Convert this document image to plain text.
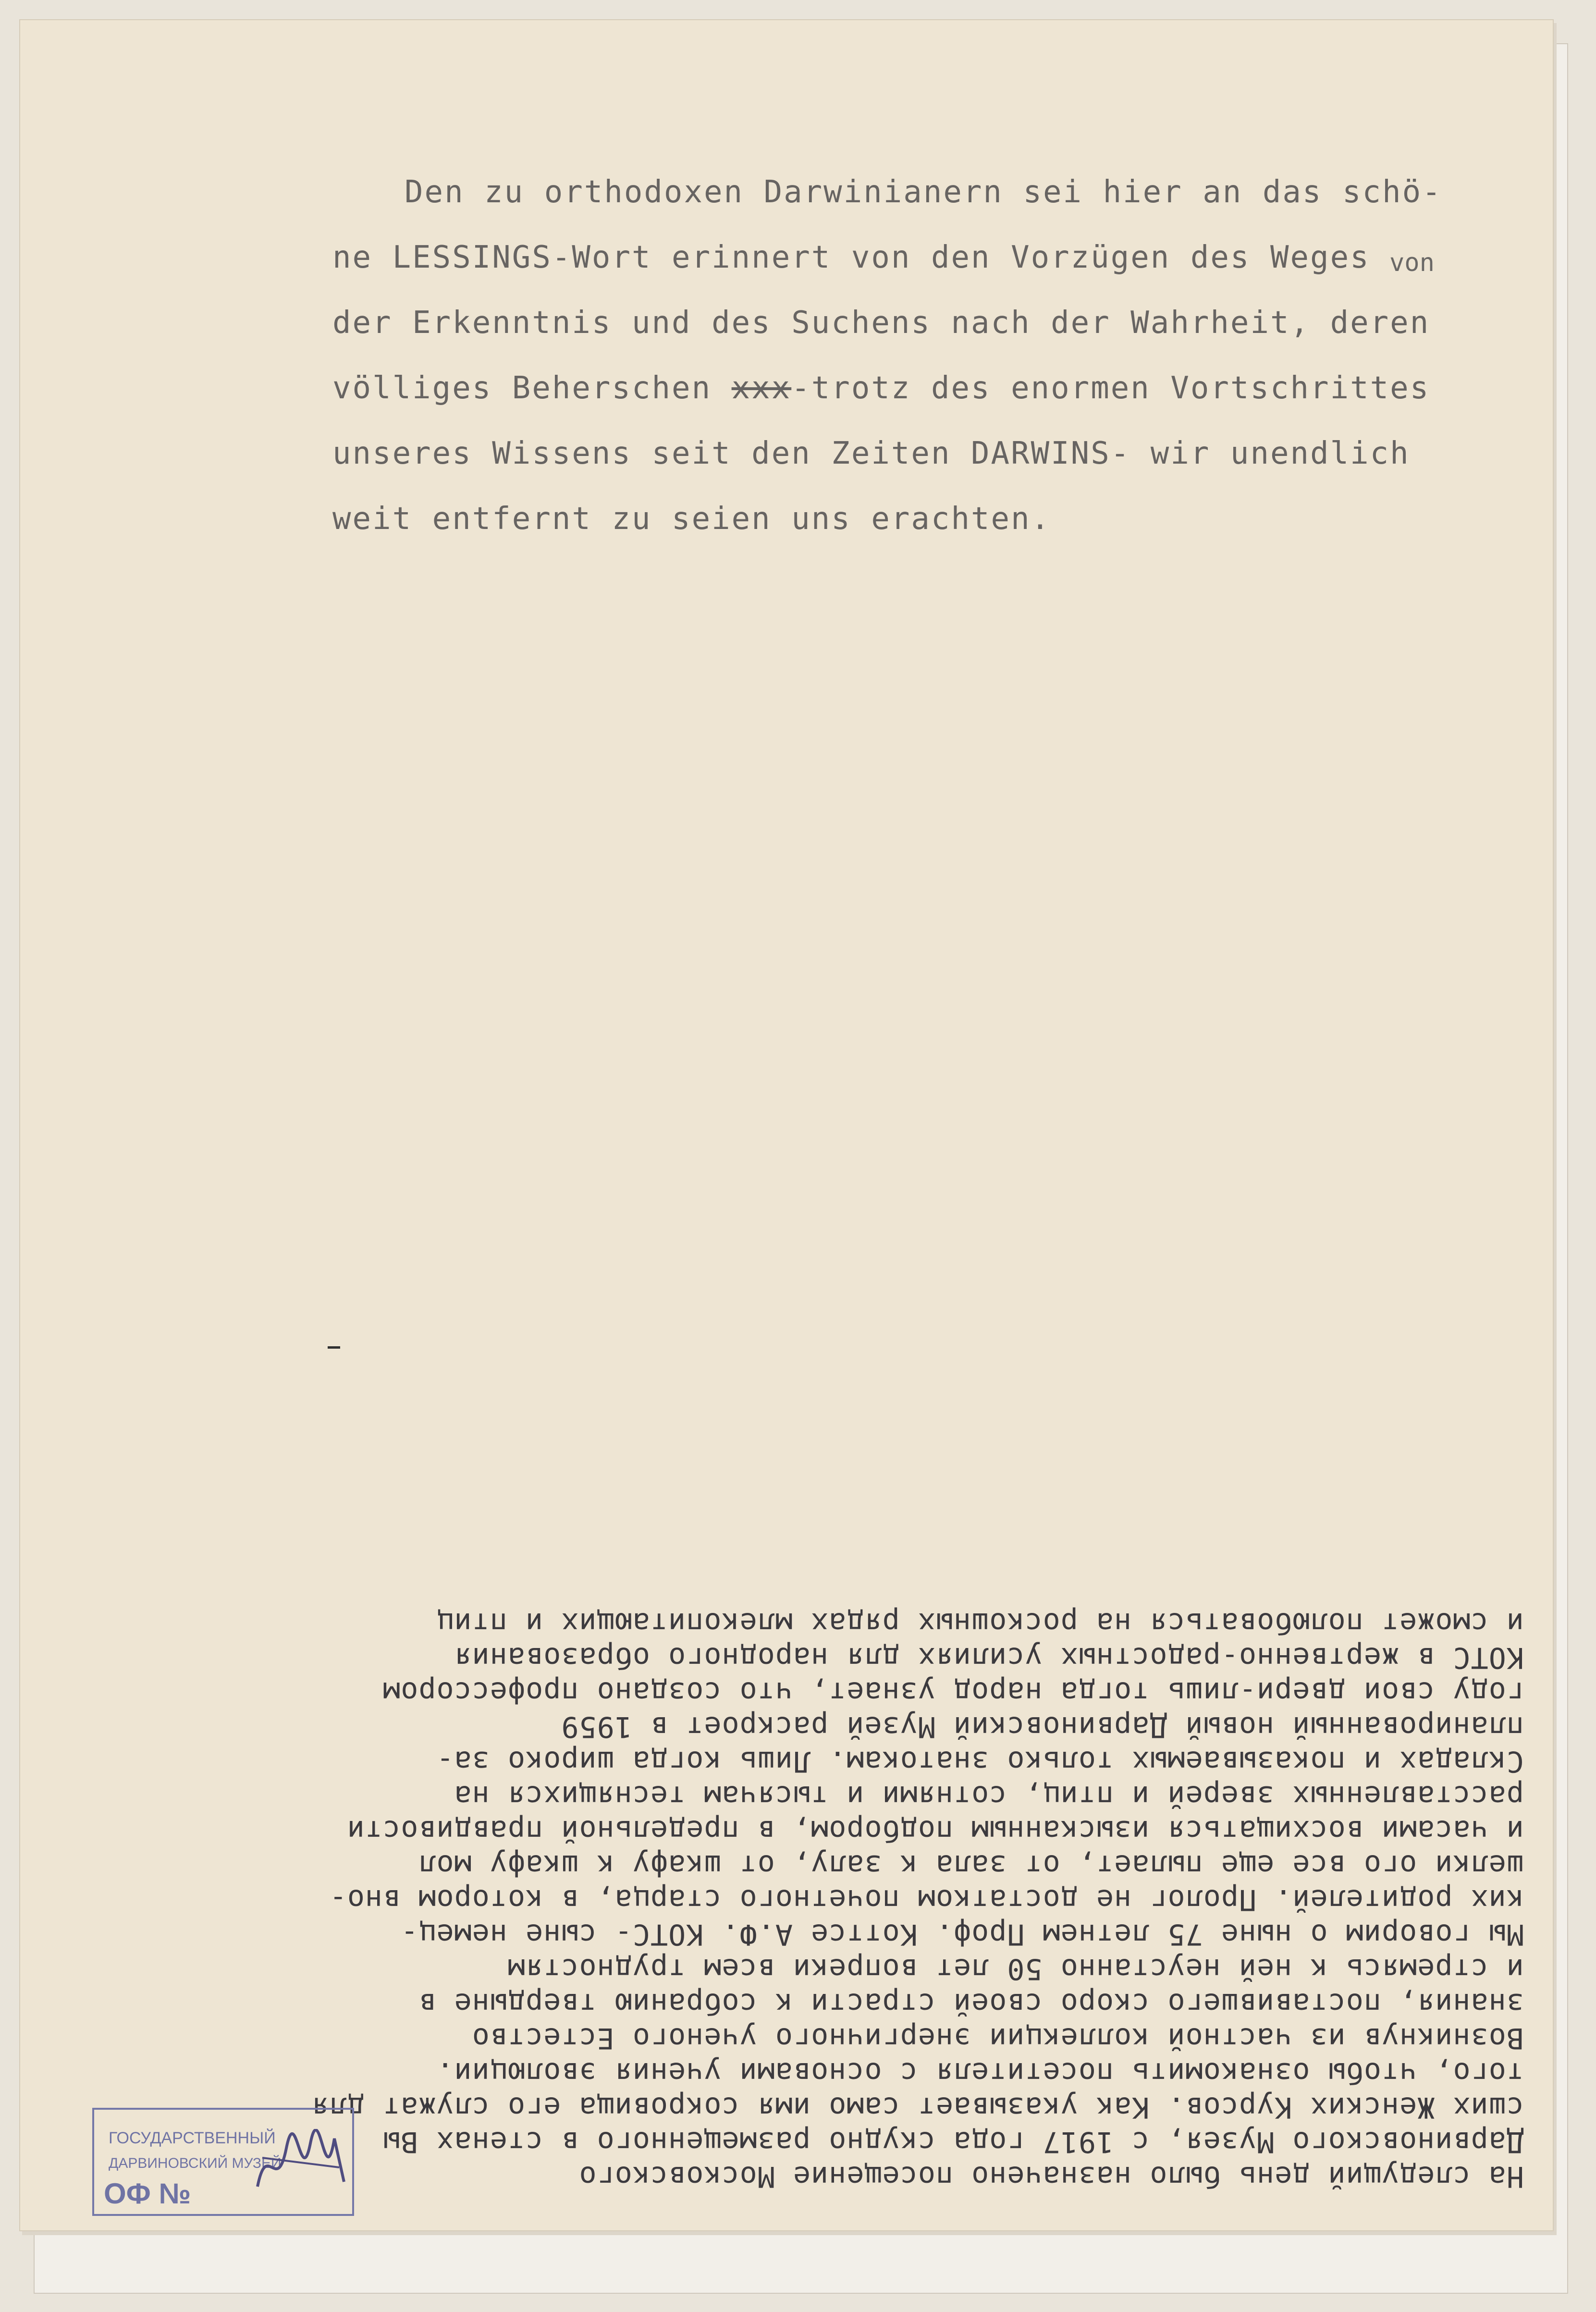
Den zu orthodoxen Darwinianern sei hier an das schö-
ne LESSINGS-Wort erinnert von den Vorzügen des Weges
der Erkenntnis und des Suchens nach der Wahrheit, deren
völliges Beherschen xxx-trotz des enormen Vortschrittes
unseres Wissens seit den Zeiten DARWINS- wir unendlich
weit entfernt zu seien uns erachten.
von
На следущий день было назначено посещение Московского
Дарвиновского Музея, с 1917 года скудно размещенного в стенах Вы
сших Женских Курсов. Как указывает само имя сокровища его служат для
того, чтобы ознакомить посетителя с основами учения эволюции.
Возникнув из частной коллекции энергичного ученого Естество
знания, поставившего скоро своей страсти к собранию твердыне в
и стремясь к ней неустанно 50 лет вопреки всем трудностям
Мы говорим о ныне 75 летнем Проф. Коттсе А.Ф. КОТС- сыне немец-
ких родителей. Пролог не достатком почетного старца, в котором вно-
шелки ого все еще пылает, от зала к залу, от шкафу к шкафу мол
и часами восхищаться изысканным подбором, в предельной правдивости
расставленных зверей и птиц, сотнями и тысячам теснящихся на
Складах и показываемых только знатокам. Лишь когда широко за-
планированный новый Дарвиновский Музей раскроет в 1959
году свои двери-лишь тогда народ узнает, что создано профессором
КОТС в жертвенно-радостных усилиях для народного образования
и сможет полюбоваться на роскошных рядах млекопитающих и птиц
ГОСУДАРСТВЕННЫЙ
ДАРВИНОВСКИЙ МУЗЕЙ
ОФ №
